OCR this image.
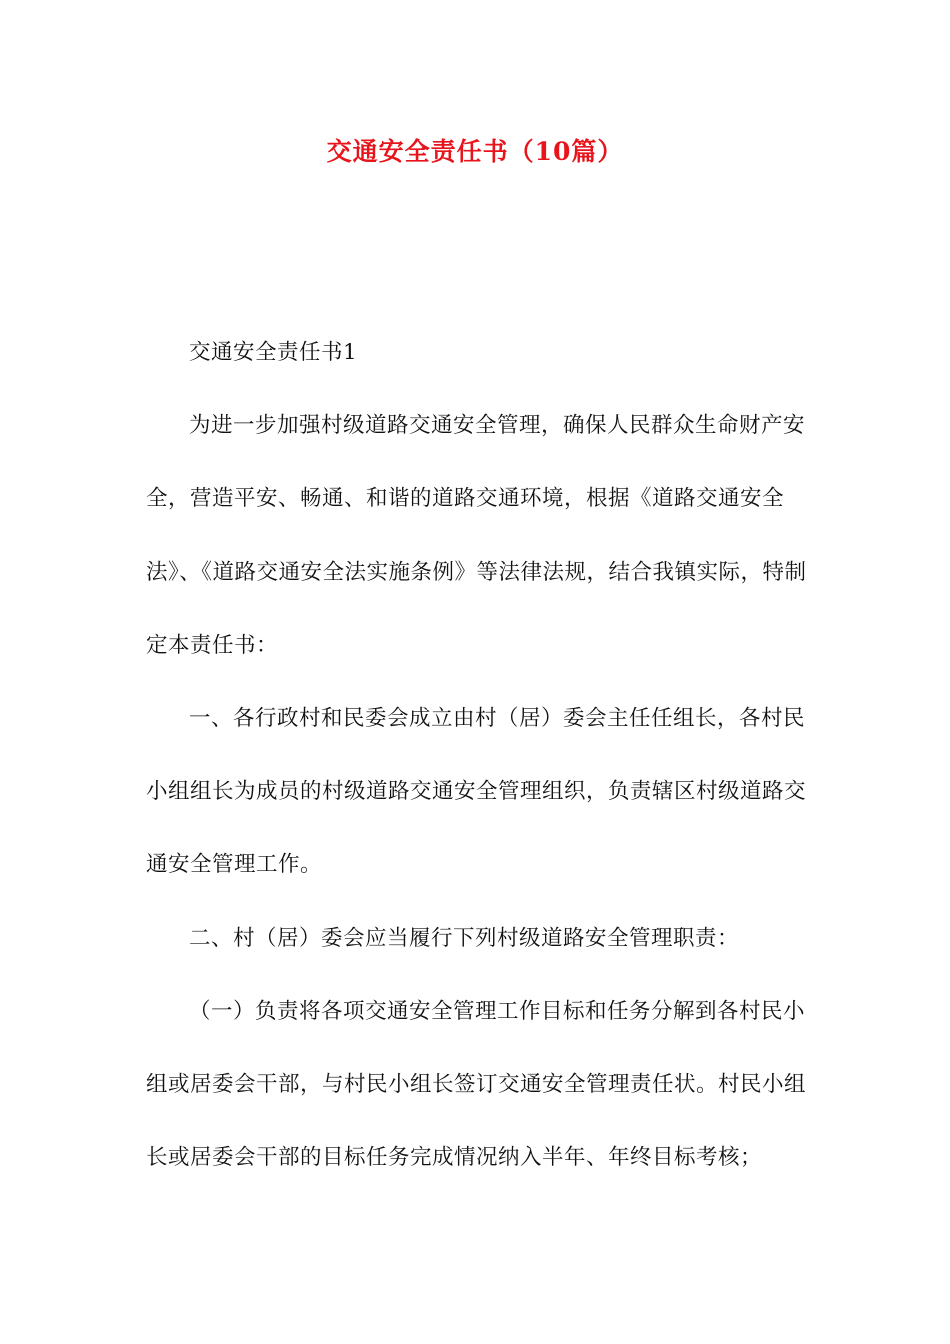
交通安全责任书（10篇）

交通安全责任书1

为进一步加强村级道路交通安全管理，确保人民群众生命财产安全，营造平安、畅通、和谐的道路交通环境，根据《道路交通安全法》、《道路交通安全法实施条例》等法律法规，结合我镇实际，特制定本责任书：

一、各行政村和民委会成立由村（居）委会主任任组长，各村民小组组长为成员的村级道路交通安全管理组织，负责辖区村级道路交通安全管理工作。

二、村（居）委会应当履行下列村级道路安全管理职责：

（一）负责将各项交通安全管理工作目标和任务分解到各村民小组或居委会干部，与村民小组长签订交通安全管理责任状。村民小组长或居委会干部的目标任务完成情况纳入半年、年终目标考核；
